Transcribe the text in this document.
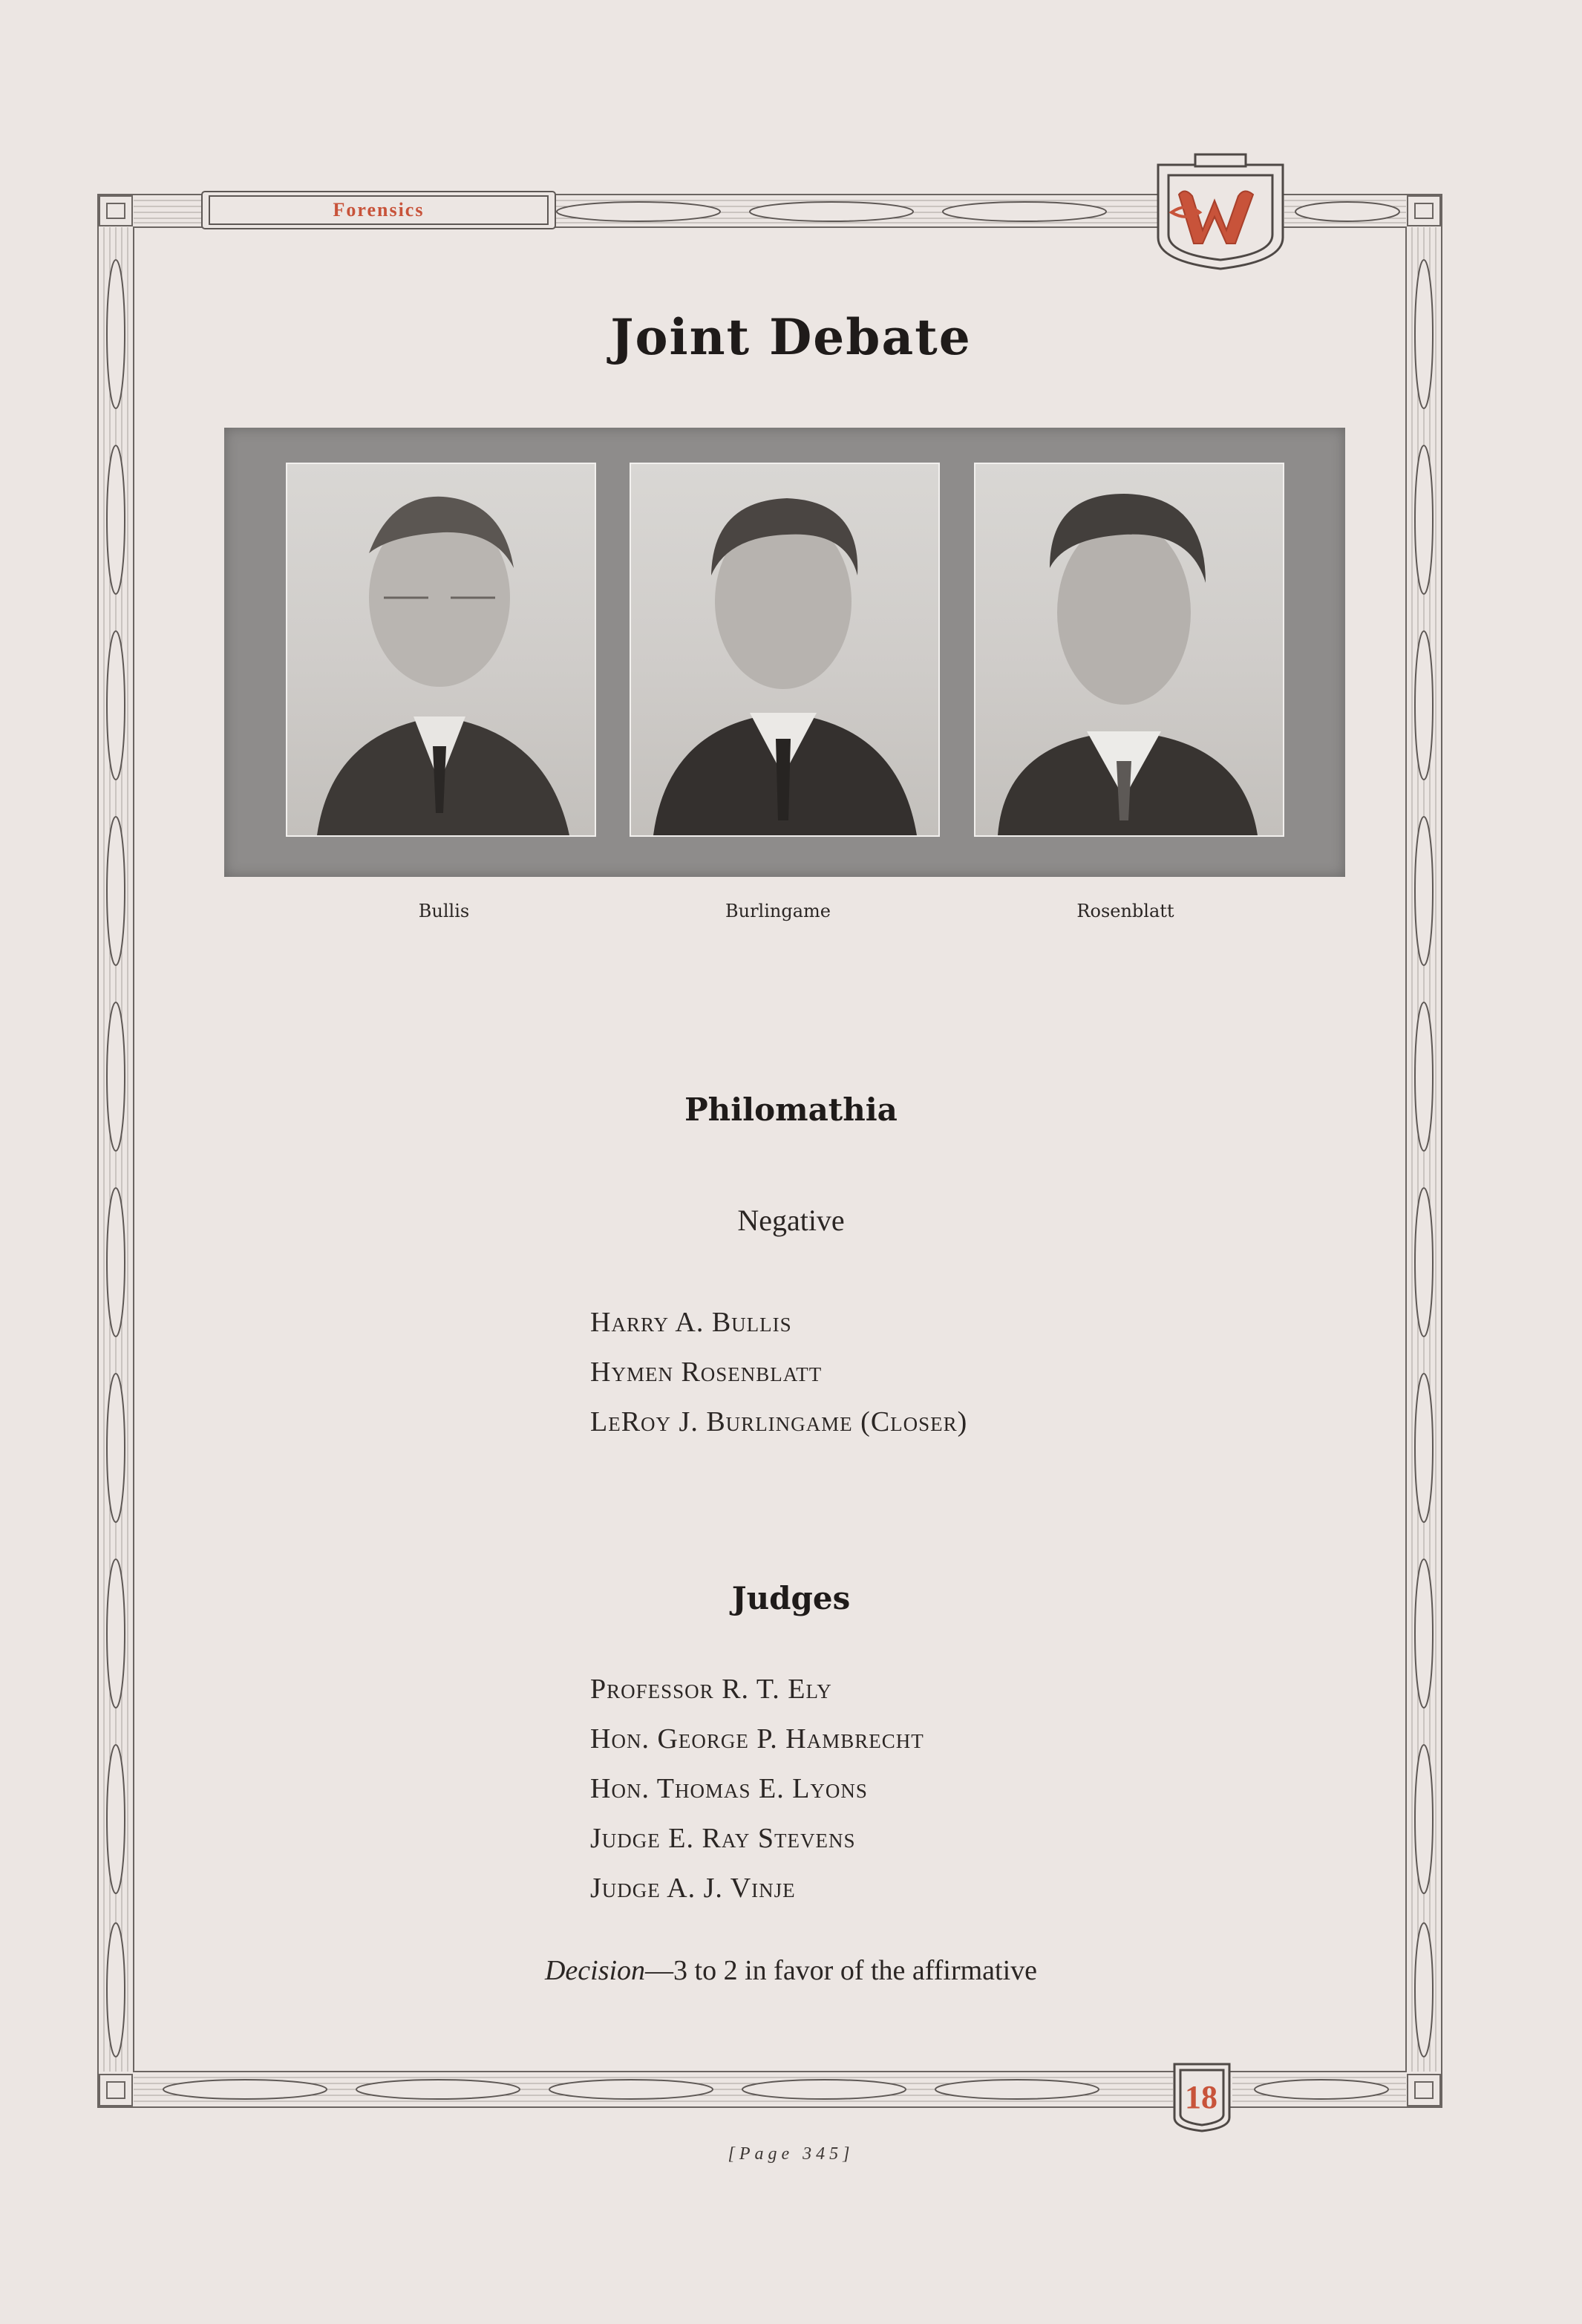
Forensics
18
Joint Debate
Bullis	Burlingame	Rosenblatt
Philomathia
Negative
Harry A. Bullis
Hymen Rosenblatt
LeRoy J. Burlingame (Closer)
Judges
Professor R. T. Ely
Hon. George P. Hambrecht
Hon. Thomas E. Lyons
Judge E. Ray Stevens
Judge A. J. Vinje
Decision—3 to 2 in favor of the affirmative
[Page 345]
